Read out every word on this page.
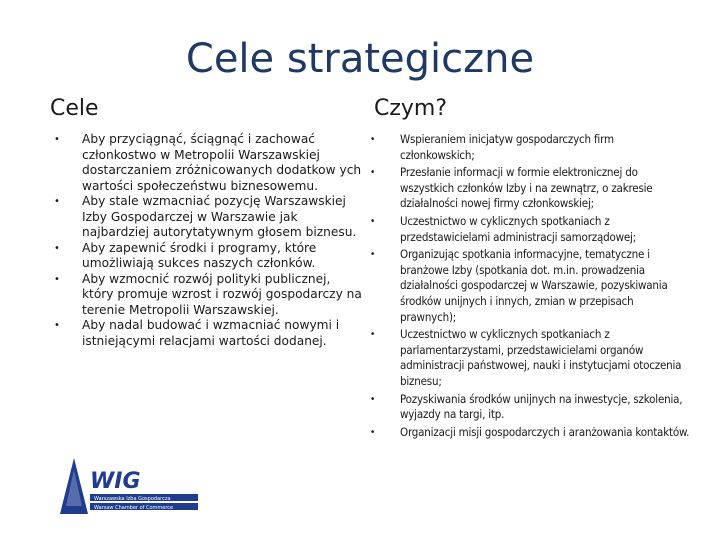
Cele strategiczne
Cele	Czym?
• Aby przyciągnąć, ściągnąć i zachować członkostwo w Metropolii Warszawskiej dostarczaniem zróżnicowanych dodatkow ych wartości społeczeństwu biznesowemu.
• Aby stale wzmacniać pozycję Warszawskiej Izby Gospodarczej w Warszawie jak najbardziej autorytatywnym głosem biznesu.
• Aby zapewnić środki i programy, które umożliwiają sukces naszych członków.
• Aby wzmocnić rozwój polityki publicznej, który promuje wzrost i rozwój gospodarczy na terenie Metropolii Warszawskiej.
• Aby nadal budować i wzmacniać nowymi i istniejącymi relacjami wartości dodanej.
• Wspieraniem inicjatyw gospodarczych firm członkowskich;
• Przesłanie informacji w formie elektronicznej do wszystkich członków Izby i na zewnątrz, o zakresie działalności nowej firmy członkowskiej;
• Uczestnictwo w cyklicznych spotkaniach z przedstawicielami administracji samorządowej;
• Organizując spotkania informacyjne, tematyczne i branżowe Izby (spotkania dot. m.in. prowadzenia działalności gospodarczej w Warszawie, pozyskiwania środków unijnych i innych, zmian w przepisach prawnych);
• Uczestnictwo w cyklicznych spotkaniach z parlamentarzystami, przedstawicielami organów administracji państwowej, nauki i instytucjami otoczenia biznesu;
• Pozyskiwania środków unijnych na inwestycje, szkolenia, wyjazdy na targi, itp.
• Organizacji misji gospodarczych i aranżowania kontaktów.
WIG
Warszawska Izba Gospodarcza
Warsaw Chamber of Commerce
